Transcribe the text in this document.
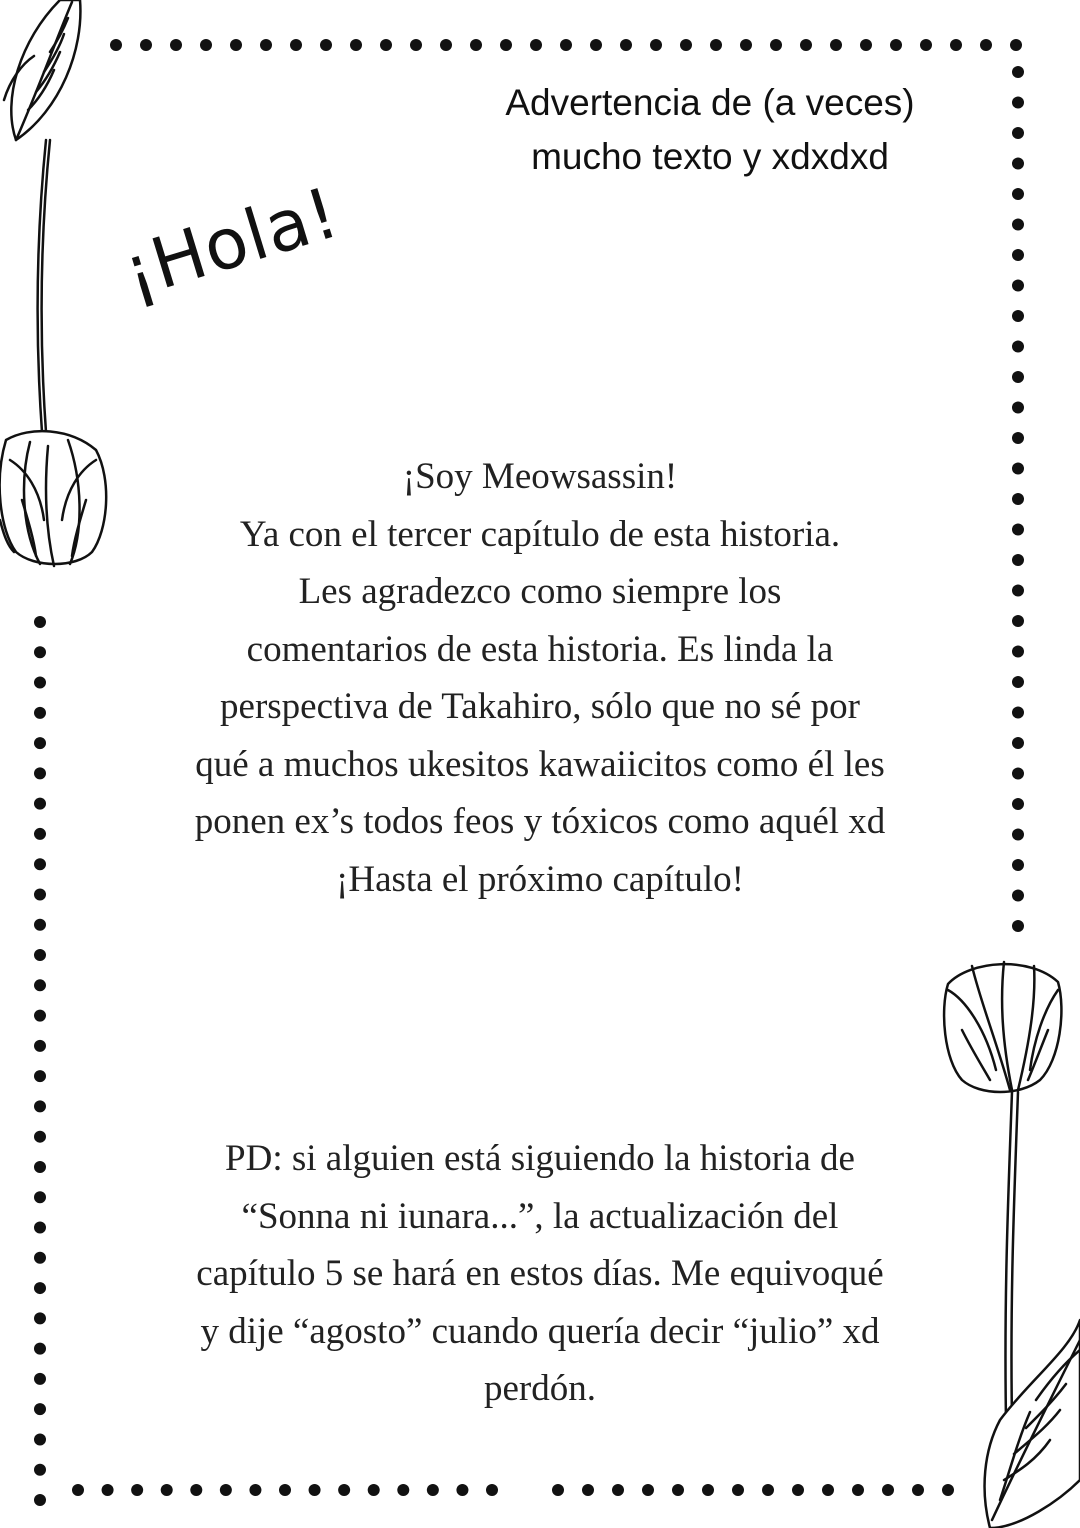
Advertencia de (a veces)
mucho texto y xdxdxd
¡Hola!
¡Soy Meowsassin!
Ya con el tercer capítulo de esta historia.
Les agradezco como siempre los
comentarios de esta historia. Es linda la
perspectiva de Takahiro, sólo que no sé por
qué a muchos ukesitos kawaiicitos como él les
ponen ex’s todos feos y tóxicos como aquél xd
¡Hasta el próximo capítulo!
PD: si alguien está siguiendo la historia de
“Sonna ni iunara...”, la actualización del
capítulo 5 se hará en estos días. Me equivoqué
y dije “agosto” cuando quería decir “julio” xd
perdón.
